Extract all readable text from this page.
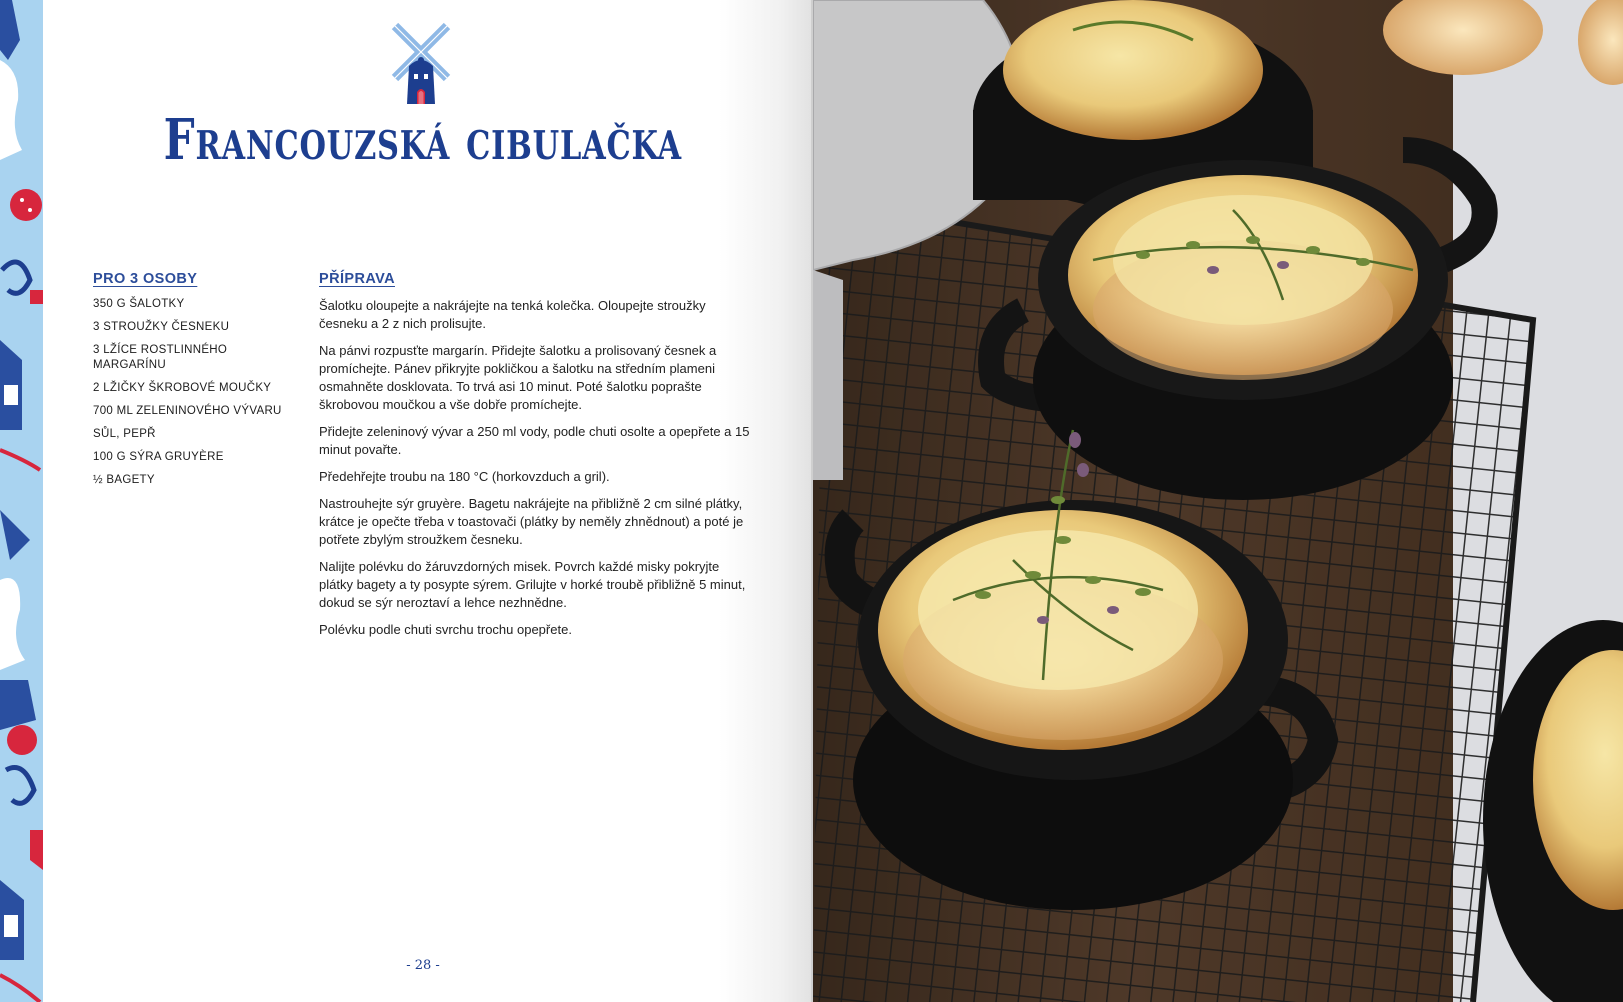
Francouzská cibulačka
PRO 3 OSOBY
350 G ŠALOTKY
3 STROUŽKY ČESNEKU
3 LŽÍCE ROSTLINNÉHO MARGARÍNU
2 LŽIČKY ŠKROBOVÉ MOUČKY
700 ML ZELENINOVÉHO VÝVARU
SŮL, PEPŘ
100 G SÝRA GRUYÈRE
½ BAGETY
PŘÍPRAVA

Šalotku oloupejte a nakrájejte na tenká kolečka. Oloupejte stroužky česneku a 2 z nich prolisujte.

Na pánvi rozpusťte margarín. Přidejte šalotku a prolisovaný česnek a promíchejte. Pánev přikryjte pokličkou a šalotku na středním plameni osmahněte dosklovata. To trvá asi 10 minut. Poté šalotku poprašte škrobovou moučkou a vše dobře promíchejte.

Přidejte zeleninový vývar a 250 ml vody, podle chuti osolte a opepřete a 15 minut povařte.

Předehřejte troubu na 180 °C (horkovzduch a gril).

Nastrouhejte sýr gruyère. Bagetu nakrájejte na přibližně 2 cm silné plátky, krátce je opečte třeba v toastovači (plátky by neměly zhnědnout) a poté je potřete zbylým stroužkem česneku.

Nalijte polévku do žáruvzdorných misek. Povrch každé misky pokryjte plátky bagety a ty posypte sýrem. Grilujte v horké troubě přibližně 5 minut, dokud se sýr neroztaví a lehce nezhnědne.

Polévku podle chuti svrchu trochu opepřete.

- 28 -
